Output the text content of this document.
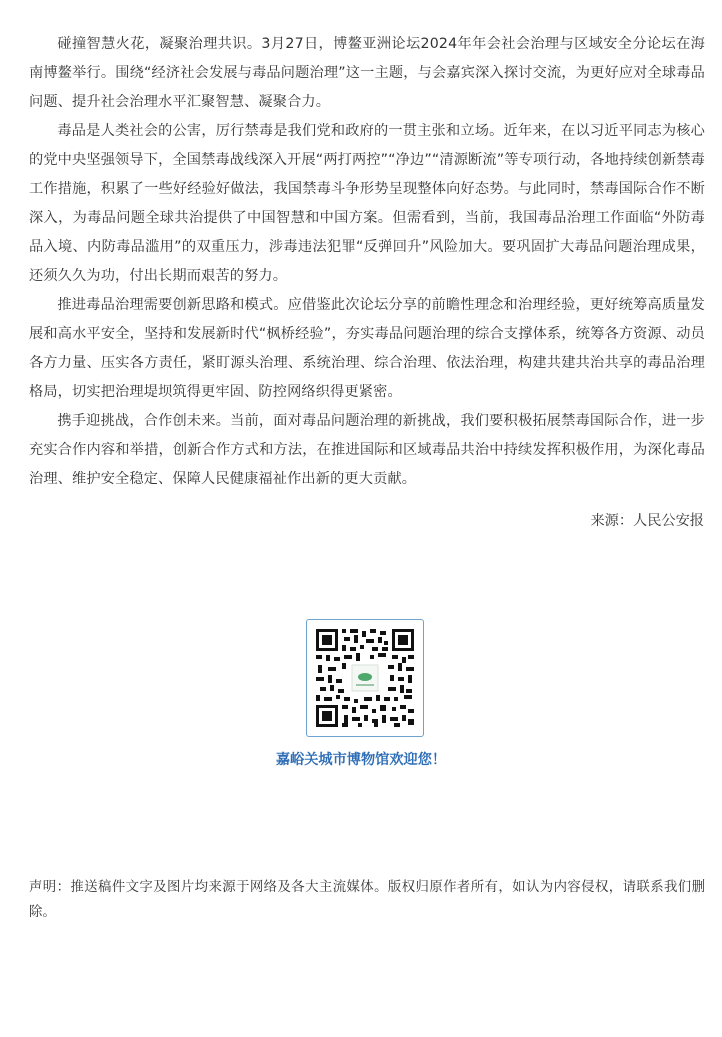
碰撞智慧火花，凝聚治理共识。3月27日，博鳌亚洲论坛2024年年会社会治理与区域安全分论坛在海南博鳌举行。围绕“经济社会发展与毒品问题治理”这一主题，与会嘉宾深入探讨交流，为更好应对全球毒品问题、提升社会治理水平汇聚智慧、凝聚合力。

毒品是人类社会的公害，厉行禁毒是我们党和政府的一贯主张和立场。近年来，在以习近平同志为核心的党中央坚强领导下，全国禁毒战线深入开展“两打两控”“净边”“清源断流”等专项行动，各地持续创新禁毒工作措施，积累了一些好经验好做法，我国禁毒斗争形势呈现整体向好态势。与此同时，禁毒国际合作不断深入，为毒品问题全球共治提供了中国智慧和中国方案。但需看到，当前，我国毒品治理工作面临“外防毒品入境、内防毒品滥用”的双重压力，涉毒违法犯罪“反弹回升”风险加大。要巩固扩大毒品问题治理成果，还须久久为功，付出长期而艰苦的努力。

推进毒品治理需要创新思路和模式。应借鉴此次论坛分享的前瞻性理念和治理经验，更好统筹高质量发展和高水平安全，坚持和发展新时代“枫桥经验”，夯实毒品问题治理的综合支撑体系，统筹各方资源、动员各方力量、压实各方责任，紧盯源头治理、系统治理、综合治理、依法治理，构建共建共治共享的毒品治理格局，切实把治理堤坝筑得更牢固、防控网络织得更紧密。

携手迎挑战，合作创未来。当前，面对毒品问题治理的新挑战，我们要积极拓展禁毒国际合作，进一步充实合作内容和举措，创新合作方式和方法，在推进国际和区域毒品共治中持续发挥积极作用，为深化毒品治理、维护安全稳定、保障人民健康福祉作出新的更大贡献。

来源：人民公安报
嘉峪关城市博物馆欢迎您！
声明：推送稿件文字及图片均来源于网络及各大主流媒体。版权归原作者所有，如认为内容侵权，请联系我们删除。
